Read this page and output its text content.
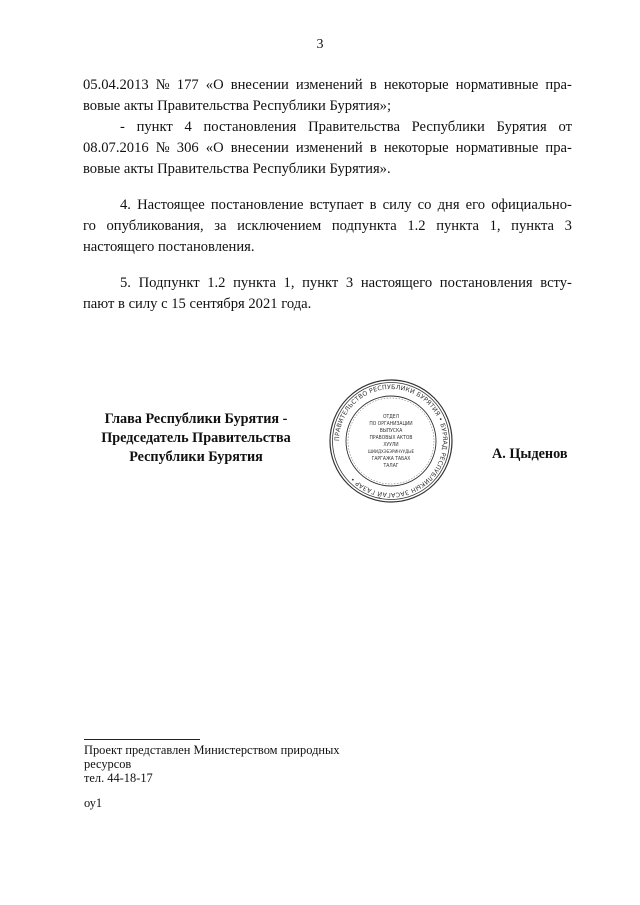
3
05.04.2013 № 177 «О внесении изменений в некоторые нормативные пра-
вовые акты Правительства Республики Бурятия»;
- пункт 4 постановления Правительства Республики Бурятия от
08.07.2016 № 306 «О внесении изменений в некоторые нормативные пра-
вовые акты Правительства Республики Бурятия».
4. Настоящее постановление вступает в силу со дня его официально-
го опубликования, за исключением подпункта 1.2 пункта 1, пункта 3
настоящего постановления.
5. Подпункт 1.2 пункта 1, пункт 3 настоящего постановления всту-
пают в силу с 15 сентября 2021 года.
Глава Республики Бурятия -
Председатель Правительства
Республики Бурятия
ПРАВИТЕЛЬСТВО РЕСПУБЛИКИ БУРЯТИЯ • БУРЯАД РЕСПУБЛИКЫН ЗАСАГАЙ ГАЗАР •
ОТДЕЛ
ПО ОРГАНИЗАЦИИ
ВЫПУСКА
ПРАВОВЫХ АКТОВ
ХУУЛИ
ШИИДХЭБЭРИНУУДЫЕ
ГАРГАЖА ТАБАХ
ТАЛАГ
А. Цыденов
Проект представлен Министерством природных
ресурсов
тел. 44-18-17
оу1
